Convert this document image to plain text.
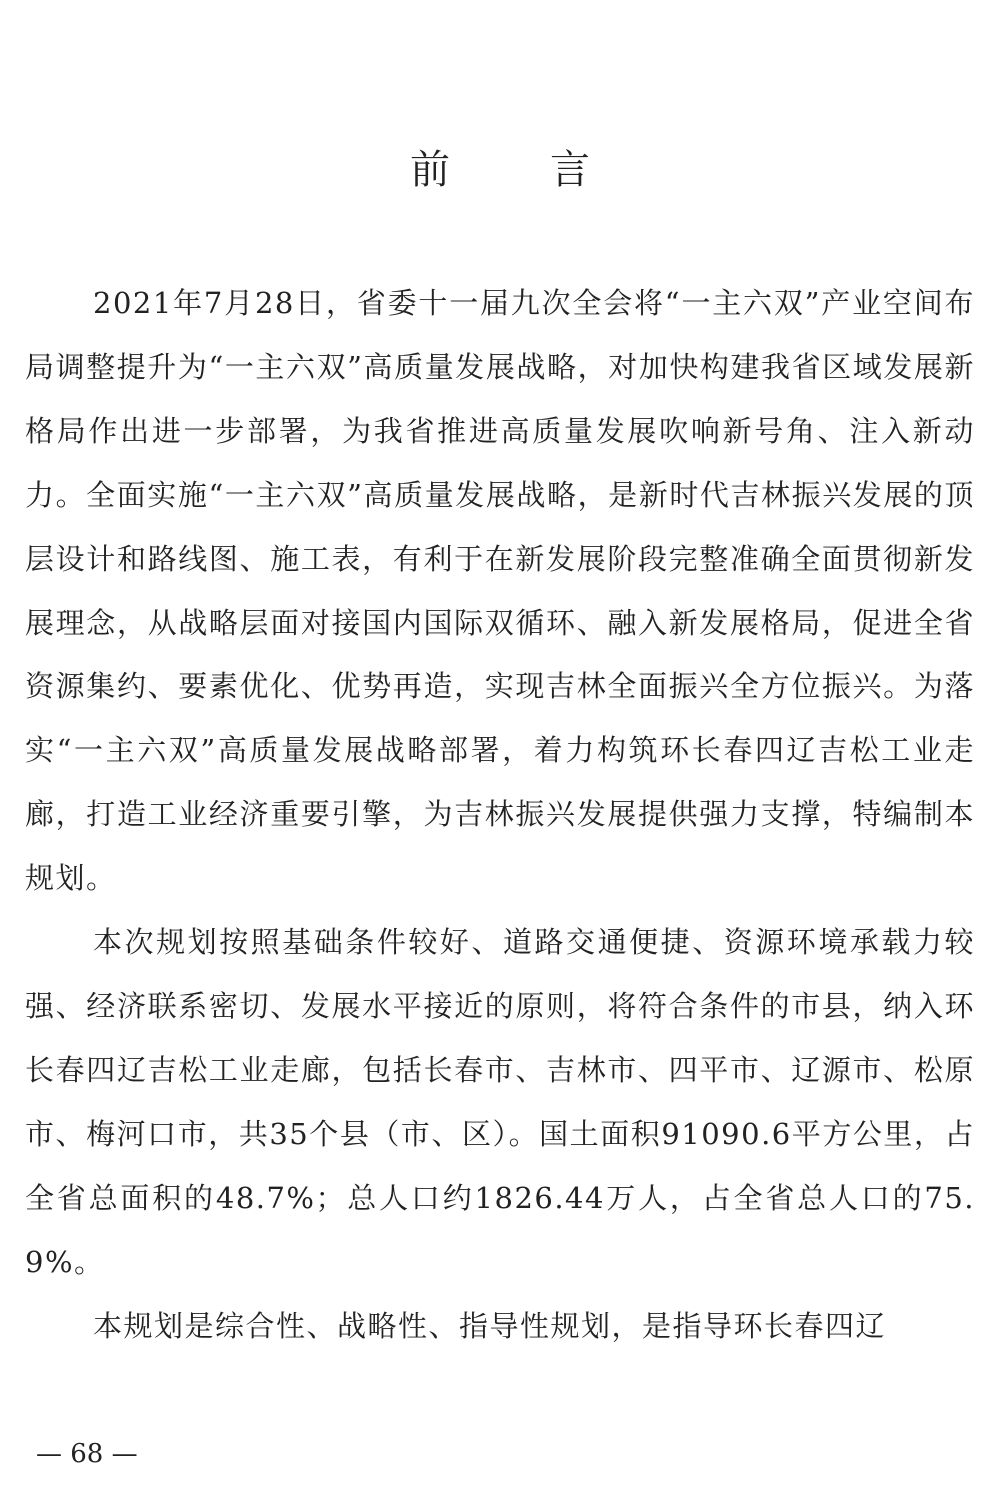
前言

2021年7月28日，省委十一届九次全会将“一主六双”产业空间布局调整提升为“一主六双”高质量发展战略，对加快构建我省区域发展新格局作出进一步部署，为我省推进高质量发展吹响新号角、注入新动力。全面实施“一主六双”高质量发展战略，是新时代吉林振兴发展的顶层设计和路线图、施工表，有利于在新发展阶段完整准确全面贯彻新发展理念，从战略层面对接国内国际双循环、融入新发展格局，促进全省资源集约、要素优化、优势再造，实现吉林全面振兴全方位振兴。为落实“一主六双”高质量发展战略部署，着力构筑环长春四辽吉松工业走廊，打造工业经济重要引擎，为吉林振兴发展提供强力支撑，特编制本规划。

本次规划按照基础条件较好、道路交通便捷、资源环境承载力较强、经济联系密切、发展水平接近的原则，将符合条件的市县，纳入环长春四辽吉松工业走廊，包括长春市、吉林市、四平市、辽源市、松原市、梅河口市，共35个县（市、区）。国土面积91090.6平方公里，占全省总面积的48.7%；总人口约1826.44万人，占全省总人口的75.9%。

本规划是综合性、战略性、指导性规划，是指导环长春四辽

— 68 —
